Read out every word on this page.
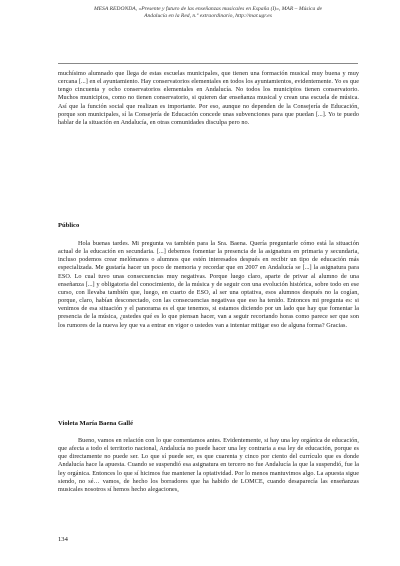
MESA REDONDA, «Presente y futuro de las enseñanzas musicales en España (I)», MAR – Música de
Andalucía en la Red, n.º extraordinario, http://mar.ugr.es

muchísimo alumnado que llega de estas escuelas municipales, que tienen una formación musical muy buena y muy cercana [...] en el ayuntamiento. Hay conservatorios elementales en todos los ayuntamientos, evidentemente. Yo es que tengo cincuenta y ocho conservatorios elementales en Andalucía. No todos los municipios tienen conservatorio. Muchos municipios, como no tienen conservatorio, si quieren dar enseñanza musical y crean una escuela de música. Así que la función social que realizan es importante. Por eso, aunque no dependen de la Consejería de Educación, porque son municipales, sí la Consejería de Educación concede unas subvenciones para que puedan [...]. Yo te puedo hablar de la situación en Andalucía, en otras comunidades disculpa pero no.

Público

Hola buenas tardes. Mi pregunta va también para la Sra. Baena. Quería preguntarle cómo está la situación actual de la educación en secundaria. [...] debemos fomentar la presencia de la asignatura en primaria y secundaria, incluso podemos crear melómanos o alumnos que estén interesados después en recibir un tipo de educación más especializada. Me gustaría hacer un poco de memoria y recordar que en 2007 en Andalucía se [...] la asignatura para ESO. Lo cual tuvo unas consecuencias muy negativas. Porque luego claro, aparte de privar al alumno de una enseñanza [...] y obligatoria del conocimiento, de la música y de seguir con una evolución histórica, sobre todo en ese curso, con llevaba también que, luego, en cuarto de ESO, al ser una optativa, esos alumnos después no la cogían, porque, claro, habían desconectado, con las consecuencias negativas que eso ha tenido. Entonces mi pregunta es: si venimos de esa situación y el panorama es el que tenemos, si estamos diciendo por un lado que hay que fomentar la presencia de la música, ¿ustedes qué es lo que piensan hacer, van a seguir recortando horas como parece ser que son los rumores de la nueva ley que va a entrar en vigor o ustedes van a intentar mitigar eso de alguna forma? Gracias.

Violeta María Baena Gallé

Bueno, vamos en relación con lo que comentamos antes. Evidentemente, si hay una ley orgánica de educación, que afecta a todo el territorio nacional, Andalucía no puede hacer una ley contraria a esa ley de educación, porque es que directamente no puede ser. Lo que sí puede ser, es que cuarenta y cinco por ciento del currículo que es donde Andalucía hace la apuesta. Cuando se suspendió esa asignatura en tercero no fue Andalucía la que la suspendió, fue la ley orgánica. Entonces lo que sí hicimos fue mantener la optatividad. Por lo menos mantuvimos algo. La apuesta sigue siendo, no sé… vamos, de hecho los borradores que ha habido de LOMCE, cuando desaparecía las enseñanzas musicales nosotros sí hemos hecho alegaciones,

134
